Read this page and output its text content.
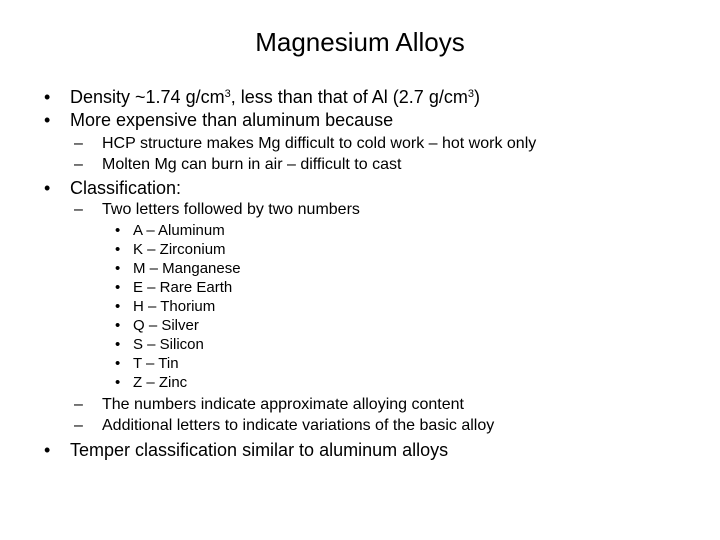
Magnesium Alloys
• Density ~1.74 $g/cm^3$, less than that of Al (2.7 $g/cm^3$)
• More expensive than aluminum because
– HCP structure makes Mg difficult to cold work – hot work only
– Molten Mg can burn in air – difficult to cast
• Classification:
– Two letters followed by two numbers
• A – Aluminum
• K – Zirconium
• M – Manganese
• E – Rare Earth
• H – Thorium
• Q – Silver
• S – Silicon
• T – Tin
• Z – Zinc
– The numbers indicate approximate alloying content
– Additional letters to indicate variations of the basic alloy
• Temper classification similar to aluminum alloys
